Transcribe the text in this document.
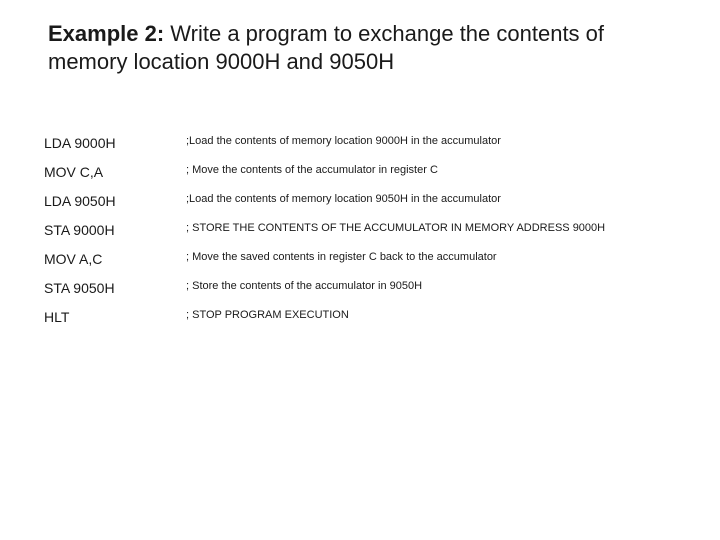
Example 2: Write a program to exchange the contents of memory location 9000H and 9050H
LDA 9000H	;Load the contents of memory location 9000H in the accumulator
MOV C,A	; Move the contents of the accumulator in register C
LDA 9050H	;Load the contents of memory location 9050H in the accumulator
STA 9000H	; STORE THE CONTENTS OF THE ACCUMULATOR IN MEMORY ADDRESS 9000H
MOV A,C	; Move the saved contents in register C back to the accumulator
STA 9050H	; Store the contents of the accumulator in 9050H
HLT	; STOP PROGRAM EXECUTION
